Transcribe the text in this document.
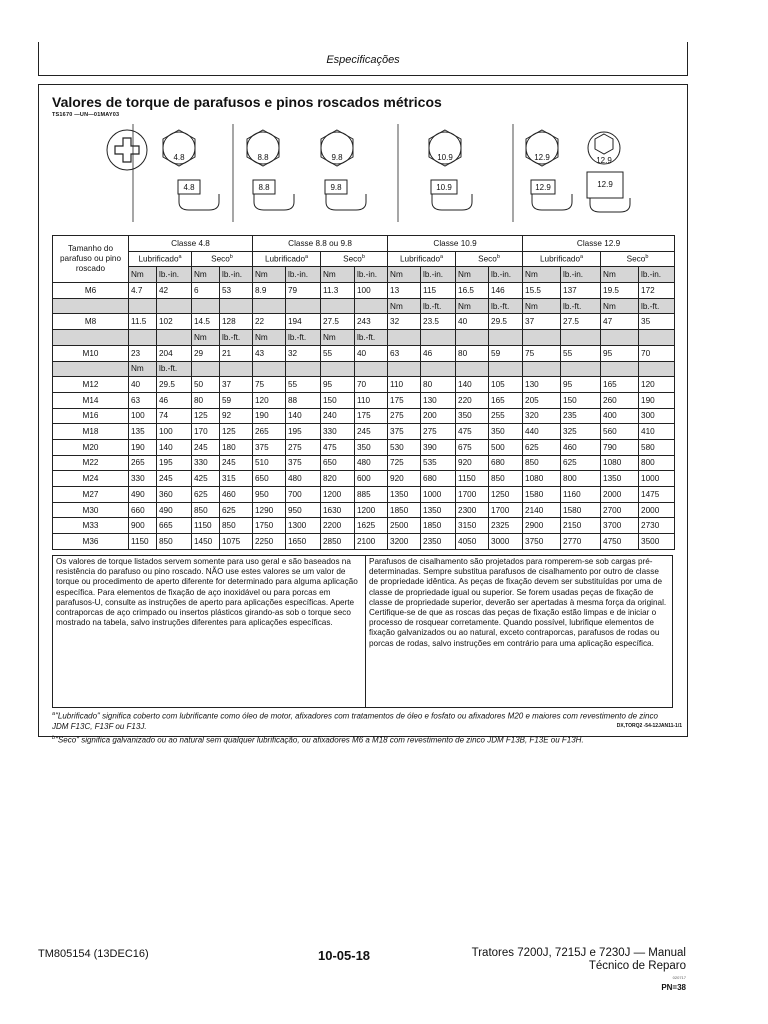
Especificações
Valores de torque de parafusos e pinos roscados métricos
TS1670 —UN—01MAY03
4.8	8.8	9.8	10.9	12.9	12.9
4.8	8.8	9.8	10.9	12.9	12.9
Tamanho do parafuso ou pino roscado	Classe 4.8				Classe 8.8 ou 9.8				Classe 10.9				Classe 12.9			
	Lubrificado$^a$		Seco$^b$		Lubrificado$^a$		Seco$^b$		Lubrificado$^a$		Seco$^b$		Lubrificado$^a$		Seco$^b$
	Nm	lb.-in.	Nm	lb.-in.	Nm	lb.-in.	Nm	lb.-in.	Nm	lb.-in.	Nm	lb.-in.	Nm	lb.-in.	Nm	lb.-in.
M6	4.7	42	6	53	8.9	79	11.3	100	13	115	16.5	146	15.5	137	19.5	172
									Nm	lb.-ft.	Nm	lb.-ft.	Nm	lb.-ft.	Nm	lb.-ft.
M8	11.5	102	14.5	128	22	194	27.5	243	32	23.5	40	29.5	37	27.5	47	35
			Nm	lb.-ft.	Nm	lb.-ft.	Nm	lb.-ft.								
M10	23	204	29	21	43	32	55	40	63	46	80	59	75	55	95	70
	Nm	lb.-ft.														
M12	40	29.5	50	37	75	55	95	70	110	80	140	105	130	95	165	120
M14	63	46	80	59	120	88	150	110	175	130	220	165	205	150	260	190
M16	100	74	125	92	190	140	240	175	275	200	350	255	320	235	400	300
M18	135	100	170	125	265	195	330	245	375	275	475	350	440	325	560	410
M20	190	140	245	180	375	275	475	350	530	390	675	500	625	460	790	580
M22	265	195	330	245	510	375	650	480	725	535	920	680	850	625	1080	800
M24	330	245	425	315	650	480	820	600	920	680	1150	850	1080	800	1350	1000
M27	490	360	625	460	950	700	1200	885	1350	1000	1700	1250	1580	1160	2000	1475
M30	660	490	850	625	1290	950	1630	1200	1850	1350	2300	1700	2140	1580	2700	2000
M33	900	665	1150	850	1750	1300	2200	1625	2500	1850	3150	2325	2900	2150	3700	2730
M36	1150	850	1450	1075	2250	1650	2850	2100	3200	2350	4050	3000	3750	2770	4750	3500
Os valores de torque listados servem somente para uso geral e são baseados na resistência do parafuso ou pino roscado. NÃO use estes valores se um valor de torque ou procedimento de aperto diferente for determinado para alguma aplicação específica. Para elementos de fixação de aço inoxidável ou para porcas em parafusos-U, consulte as instruções de aperto para aplicações específicas. Aperte contraporcas de aço crimpado ou insertos plásticos girando-as sob o torque seco mostrado na tabela, salvo instruções diferentes para aplicações específicas.
Parafusos de cisalhamento são projetados para romperem-se sob cargas pré-determinadas. Sempre substitua parafusos de cisalhamento por outro de classe de propriedade idêntica. As peças de fixação devem ser substituídas por uma de classe de propriedade igual ou superior. Se forem usadas peças de fixação de classe de propriedade superior, deverão ser apertadas à mesma força da original. Certifique-se de que as roscas das peças de fixação estão limpas e de iniciar o processo de rosquear corretamente. Quando possível, lubrifique elementos de fixação galvanizados ou ao natural, exceto contraporcas, parafusos de rodas ou porcas de rodas, salvo instruções em contrário para uma aplicação específica.
$^a$"Lubrificado" significa coberto com lubrificante como óleo de motor, afixadores com tratamentos de óleo e fosfato ou afixadores M20 e maiores com revestimento de zinco JDM F13C, F13F ou F13J.
$^b$"Seco" significa galvanizado ou ao natural sem qualquer lubrificação, ou afixadores M6 a M18 com revestimento de zinco JDM F13B, F13E ou F13H.
DX,TORQ2 -54-12JAN11-1/1
TM805154 (13DEC16)	10-05-18	Tratores 7200J, 7215J e 7230J — Manual
Técnico de Reparo
020717
PN=38
